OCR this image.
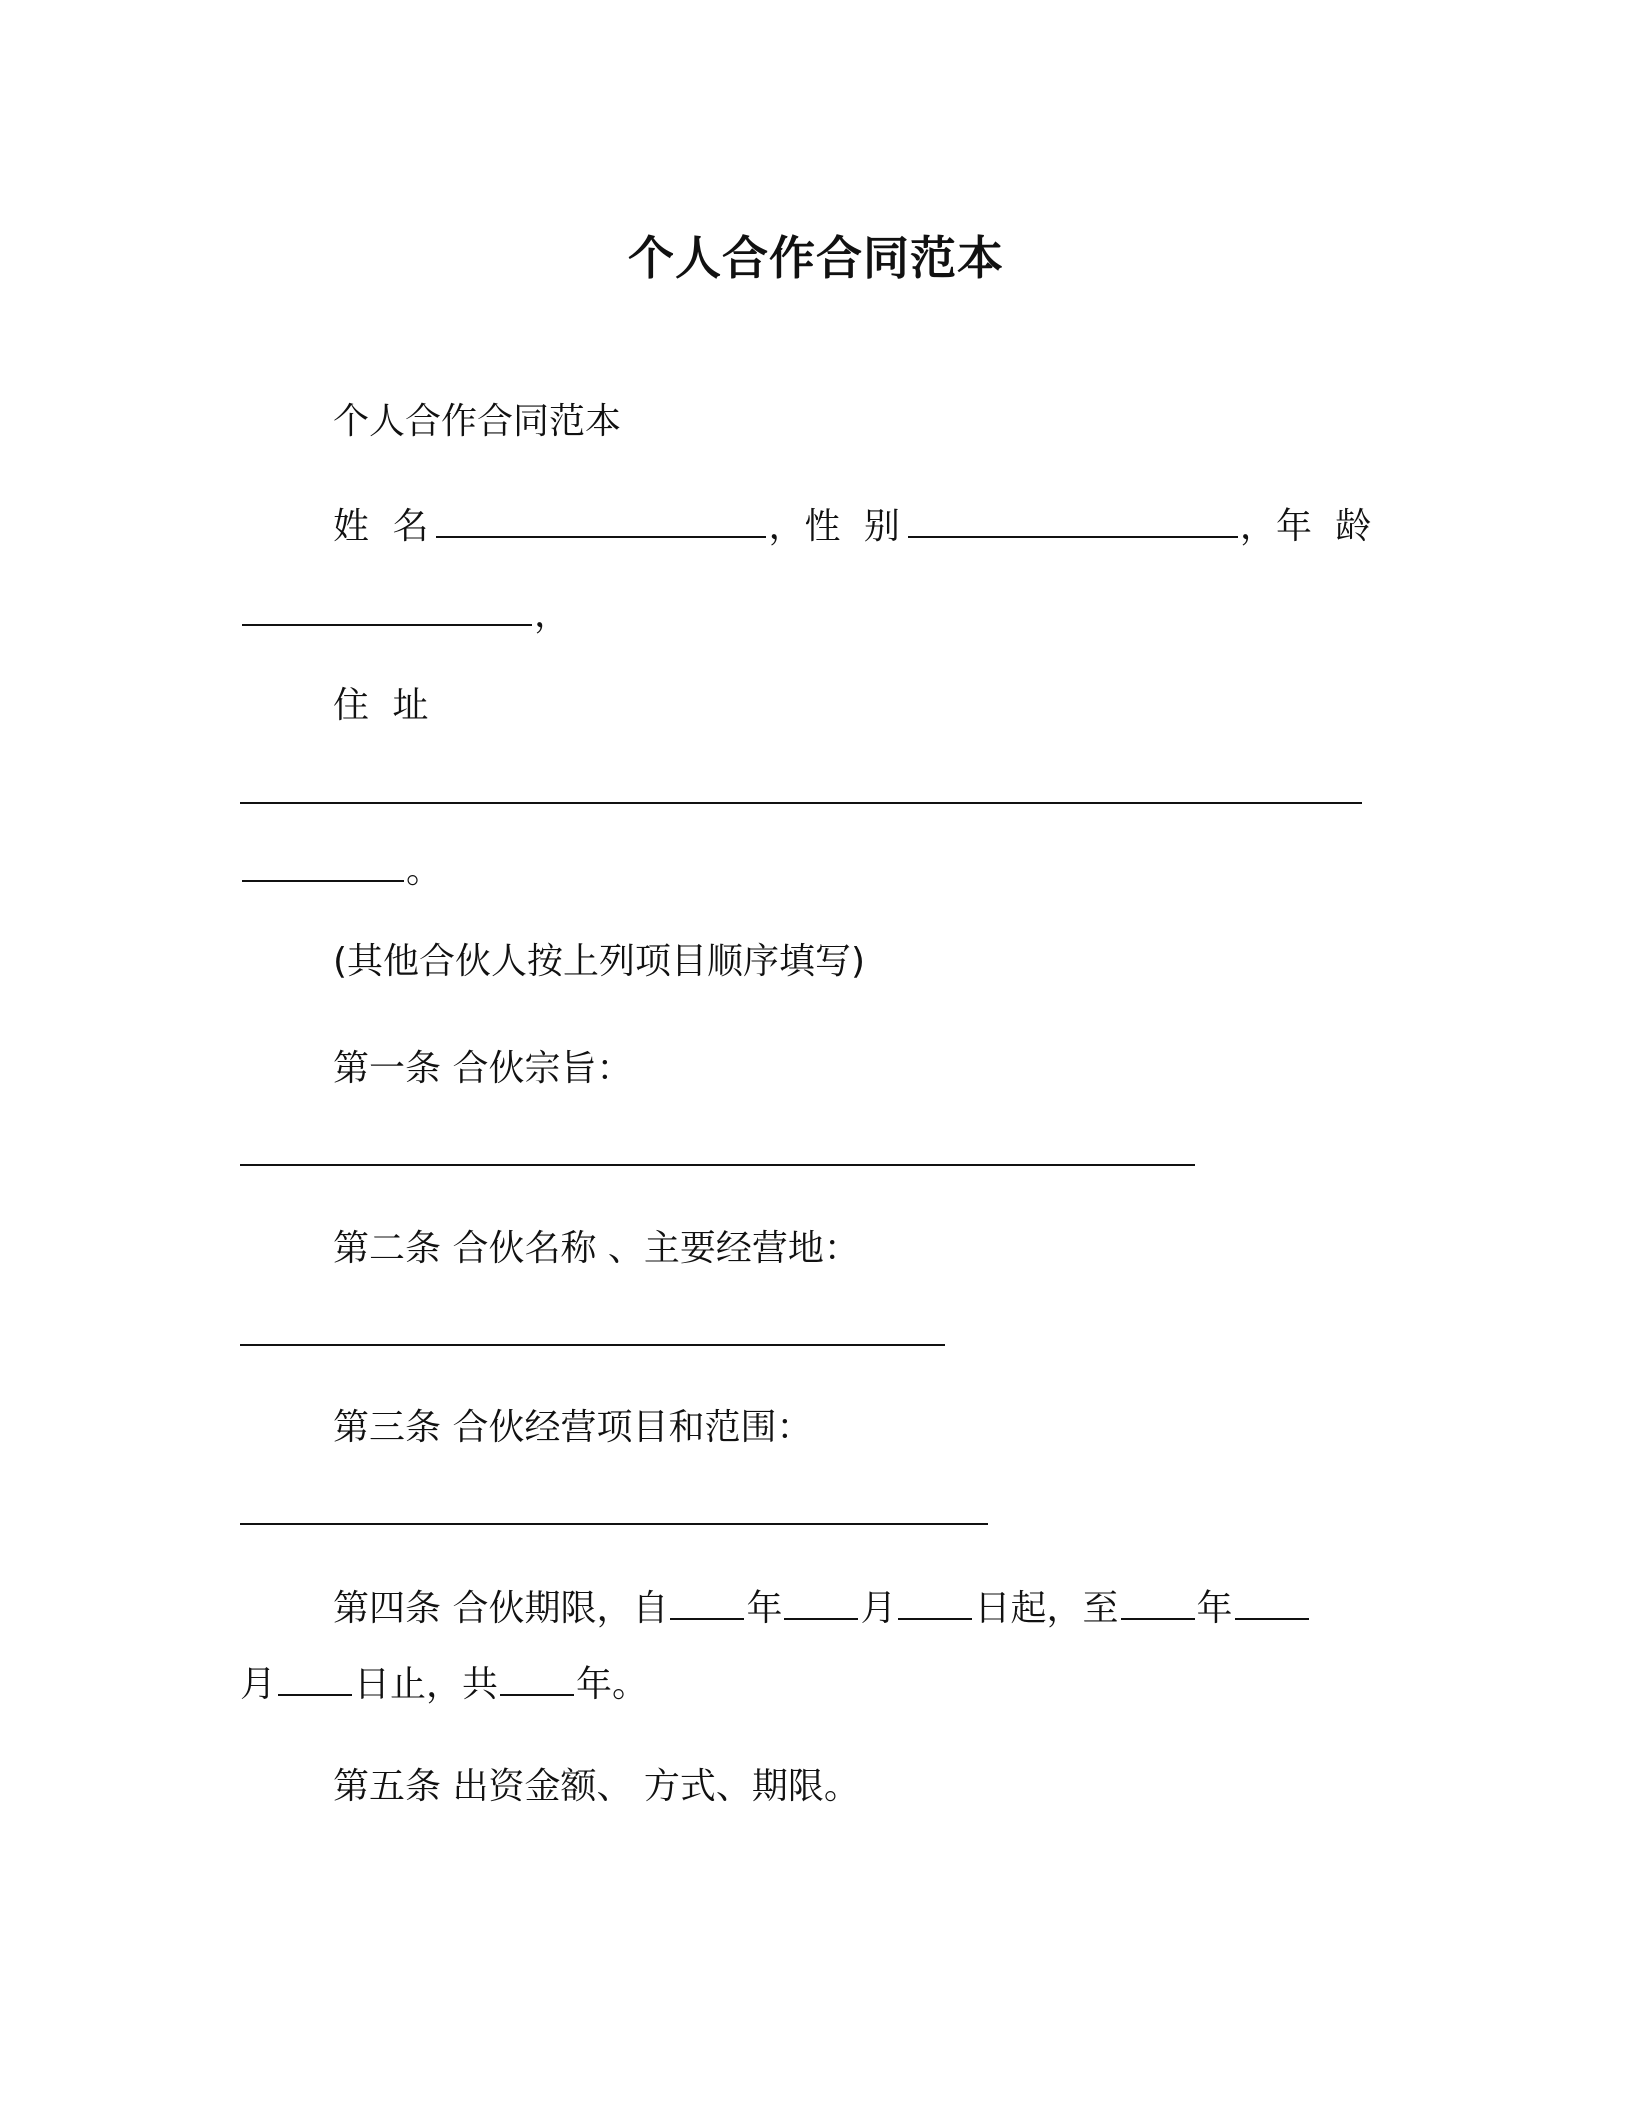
个人合作合同范本
个人合作合同范本
姓 名	，性 别	，年 龄
，
住 址
。
(其他合伙人按上列项目顺序填写)
第一条 合伙宗旨：
第二条 合伙名称 、主要经营地：
第三条 合伙经营项目和范围：
第四条 合伙期限，自 年 月 日起，至 年
月 日止，共 年。
第五条 出资金额、 方式、期限。
